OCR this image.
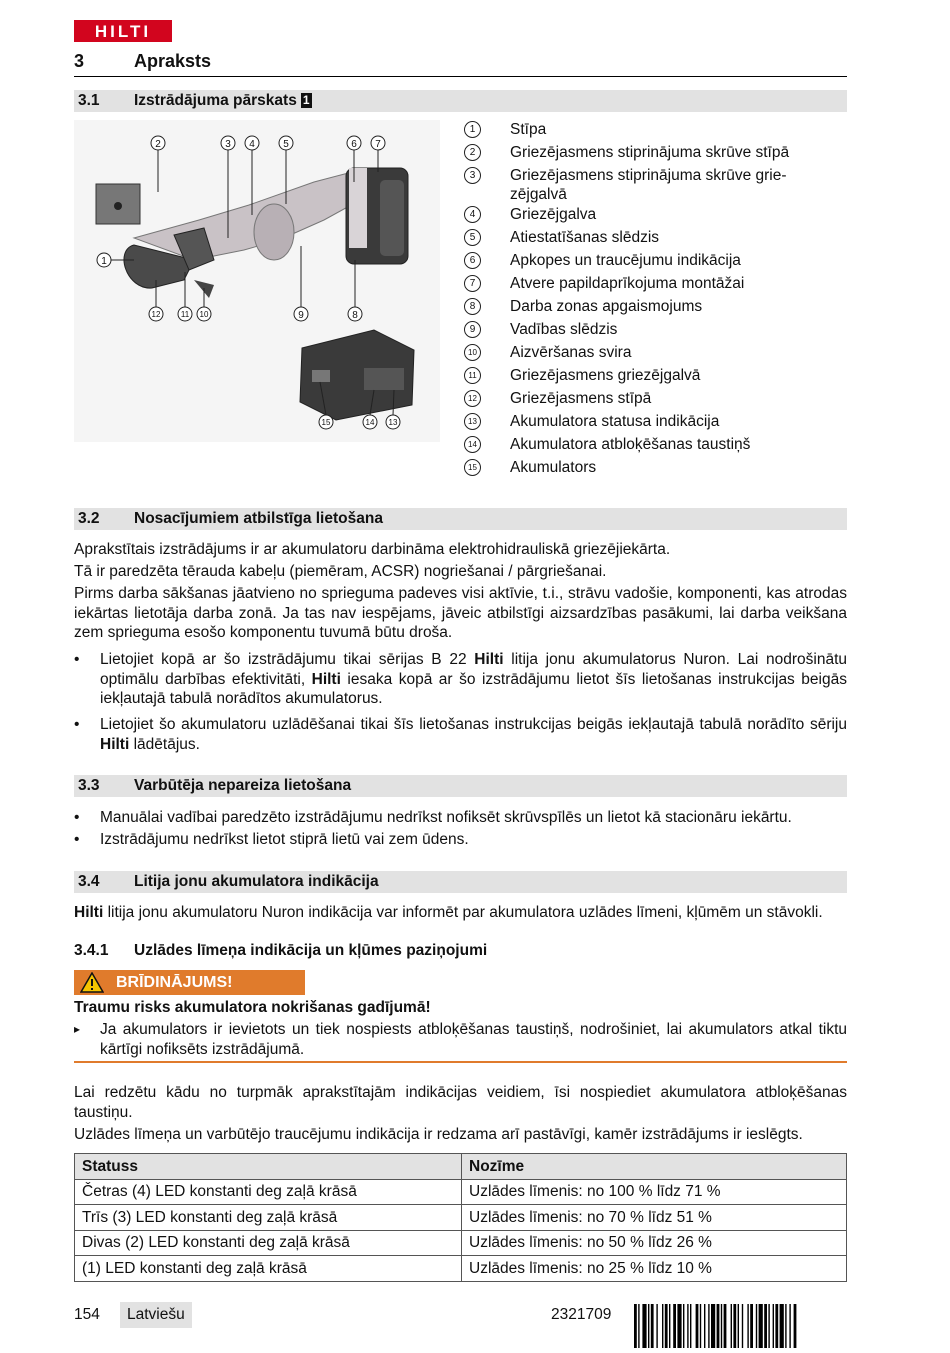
HILTI
3	Apraksts
3.1 Izstrādājuma pārskats 1
2	3 4	5	6 7
1
12	11 10	9	8
15	14 13
1	Stīpa
2	Griezējasmens stiprinājuma skrūve stīpā
3	Griezējasmens stiprinājuma skrūve grie-zējgalvā
4	Griezējgalva
5	Atiestatīšanas slēdzis
6	Apkopes un traucējumu indikācija
7	Atvere papildaprīkojuma montāžai
8	Darba zonas apgaismojums
9	Vadības slēdzis
10 Aizvēršanas svira
11 Griezējasmens griezējgalvā
12 Griezējasmens stīpā
13 Akumulatora statusa indikācija
14 Akumulatora atbloķēšanas taustiņš
15 Akumulators
3.2 Nosacījumiem atbilstīga lietošana
Aprakstītais izstrādājums ir ar akumulatoru darbināma elektrohidrauliskā griezējiekārta.
Tā ir paredzēta tērauda kabeļu (piemēram, ACSR) nogriešanai / pārgriešanai.
Pirms darba sākšanas jāatvieno no sprieguma padeves visi aktīvie, t.i., strāvu vadošie, komponenti, kas atrodas iekārtas lietotāja darba zonā. Ja tas nav iespējams, jāveic atbilstīgi aizsardzības pasākumi, lai darba veikšana zem sprieguma esošo komponentu tuvumā būtu droša.
• Lietojiet kopā ar šo izstrādājumu tikai sērijas B 22 Hilti litija jonu akumulatorus Nuron. Lai nodrošinātu optimālu darbības efektivitāti, Hilti iesaka kopā ar šo izstrādājumu lietot šīs lietošanas instrukcijas beigās iekļautajā tabulā norādītos akumulatorus.
• Lietojiet šo akumulatoru uzlādēšanai tikai šīs lietošanas instrukcijas beigās iekļautajā tabulā norādīto sēriju Hilti lādētājus.
3.3 Varbūtēja nepareiza lietošana
• Manuālai vadībai paredzēto izstrādājumu nedrīkst nofiksēt skrūvspīlēs un lietot kā stacionāru iekārtu.
• Izstrādājumu nedrīkst lietot stiprā lietū vai zem ūdens.
3.4 Litija jonu akumulatora indikācija
Hilti litija jonu akumulatoru Nuron indikācija var informēt par akumulatora uzlādes līmeni, kļūmēm un stāvokli.
3.4.1 Uzlādes līmeņa indikācija un kļūmes paziņojumi
BRĪDINĀJUMS!
Traumu risks akumulatora nokrišanas gadījumā!
▸ Ja akumulators ir ievietots un tiek nospiests atbloķēšanas taustiņš, nodrošiniet, lai akumulators atkal tiktu kārtīgi nofiksēts izstrādājumā.
Lai redzētu kādu no turpmāk aprakstītajām indikācijas veidiem, īsi nospiediet akumulatora atbloķēšanas taustiņu.
Uzlādes līmeņa un varbūtējo traucējumu indikācija ir redzama arī pastāvīgi, kamēr izstrādājums ir ieslēgts.
Statuss	Nozīme
Četras (4) LED konstanti deg zaļā krāsā	Uzlādes līmenis: no 100 % līdz 71 %
Trīs (3) LED konstanti deg zaļā krāsā	Uzlādes līmenis: no 70 % līdz 51 %
Divas (2) LED konstanti deg zaļā krāsā	Uzlādes līmenis: no 50 % līdz 26 %
(1) LED konstanti deg zaļā krāsā	Uzlādes līmenis: no 25 % līdz 10 %
154	Latviešu	2321709
